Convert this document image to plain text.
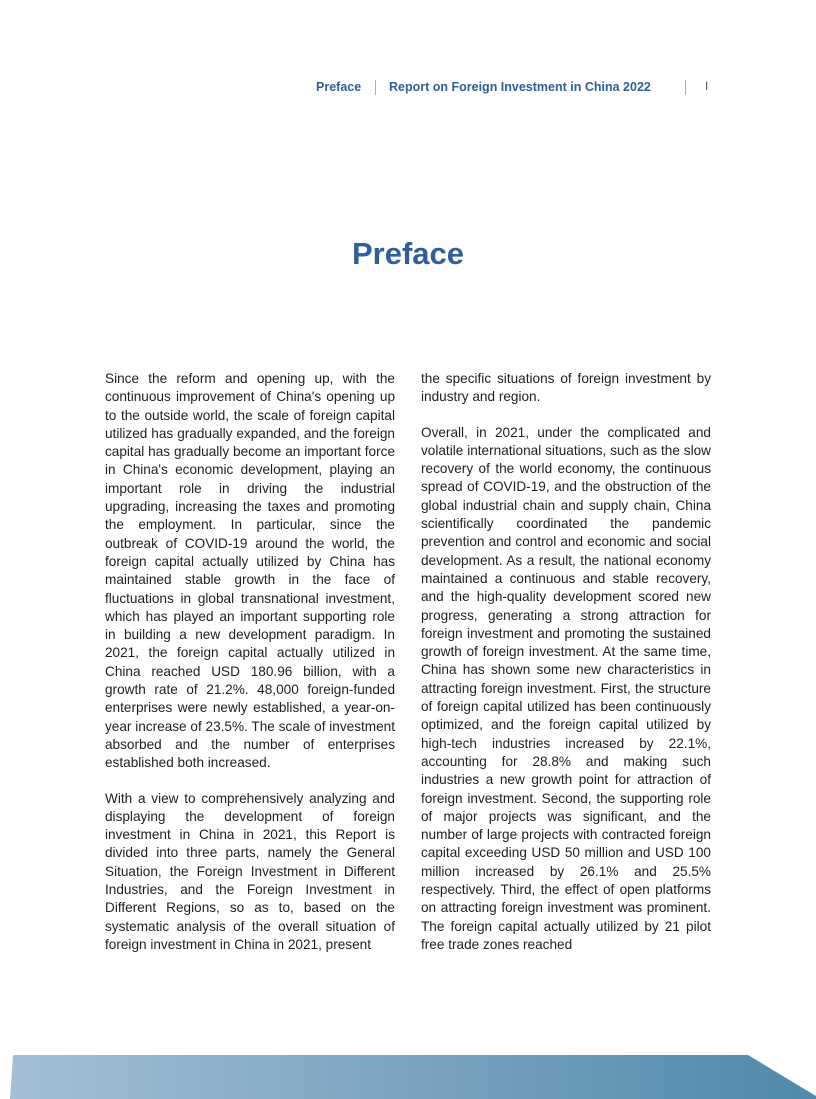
Preface Report on Foreign Investment in China 2022	I
Preface

Since the reform and opening up, with the continuous improvement of China's opening up to the outside world, the scale of foreign capital utilized has gradually expanded, and the foreign capital has gradually become an important force in China's economic development, playing an important role in driving the industrial upgrading, increasing the taxes and promoting the employment. In particular, since the outbreak of COVID-19 around the world, the foreign capital actually utilized by China has maintained stable growth in the face of fluctuations in global transnational investment, which has played an important supporting role in building a new development paradigm. In 2021, the foreign capital actually utilized in China reached USD 180.96 billion, with a growth rate of 21.2%. 48,000 foreign-funded enterprises were newly established, a year-on-year increase of 23.5%. The scale of investment absorbed and the number of enterprises established both increased.

With a view to comprehensively analyzing and displaying the development of foreign investment in China in 2021, this Report is divided into three parts, namely the General Situation, the Foreign Investment in Different Industries, and the Foreign Investment in Different Regions, so as to, based on the systematic analysis of the overall situation of foreign investment in China in 2021, present

the specific situations of foreign investment by industry and region.

Overall, in 2021, under the complicated and volatile international situations, such as the slow recovery of the world economy, the continuous spread of COVID-19, and the obstruction of the global industrial chain and supply chain, China scientifically coordinated the pandemic prevention and control and economic and social development. As a result, the national economy maintained a continuous and stable recovery, and the high-quality development scored new progress, generating a strong attraction for foreign investment and promoting the sustained growth of foreign investment. At the same time, China has shown some new characteristics in attracting foreign investment. First, the structure of foreign capital utilized has been continuously optimized, and the foreign capital utilized by high-tech industries increased by 22.1%, accounting for 28.8% and making such industries a new growth point for attraction of foreign investment. Second, the supporting role of major projects was significant, and the number of large projects with contracted foreign capital exceeding USD 50 million and USD 100 million increased by 26.1% and 25.5% respectively. Third, the effect of open platforms on attracting foreign investment was prominent. The foreign capital actually utilized by 21 pilot free trade zones reached
